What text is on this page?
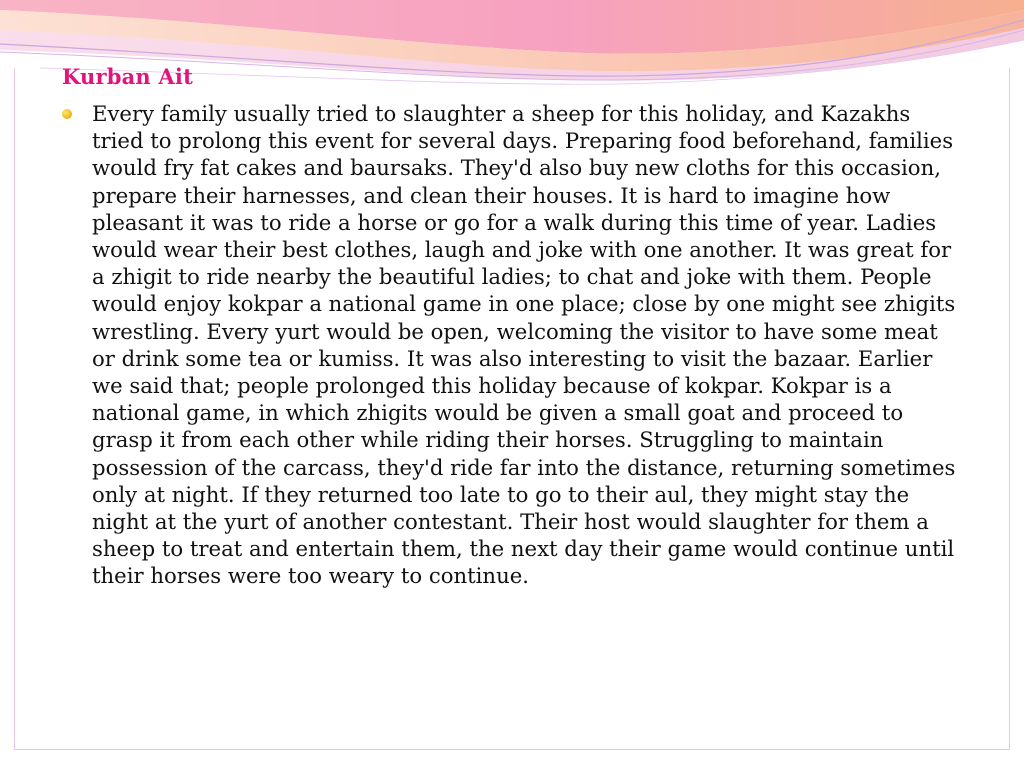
Kurban Ait
Every family usually tried to slaughter a sheep for this holiday, and Kazakhs tried to prolong this event for several days. Preparing food beforehand, families would fry fat cakes and baursaks. They'd also buy new cloths for this occasion, prepare their harnesses, and clean their houses. It is hard to imagine how pleasant it was to ride a horse or go for a walk during this time of year. Ladies would wear their best clothes, laugh and joke with one another. It was great for a zhigit to ride nearby the beautiful ladies; to chat and joke with them. People would enjoy kokpar a national game in one place; close by one might see zhigits wrestling. Every yurt would be open, welcoming the visitor to have some meat or drink some tea or kumiss. It was also interesting to visit the bazaar. Earlier we said that; people prolonged this holiday because of kokpar. Kokpar is a national game, in which zhigits would be given a small goat and proceed to grasp it from each other while riding their horses. Struggling to maintain possession of the carcass, they'd ride far into the distance, returning sometimes only at night. If they returned too late to go to their aul, they might stay the night at the yurt of another contestant. Their host would slaughter for them a sheep to treat and entertain them, the next day their game would continue until their horses were too weary to continue.
